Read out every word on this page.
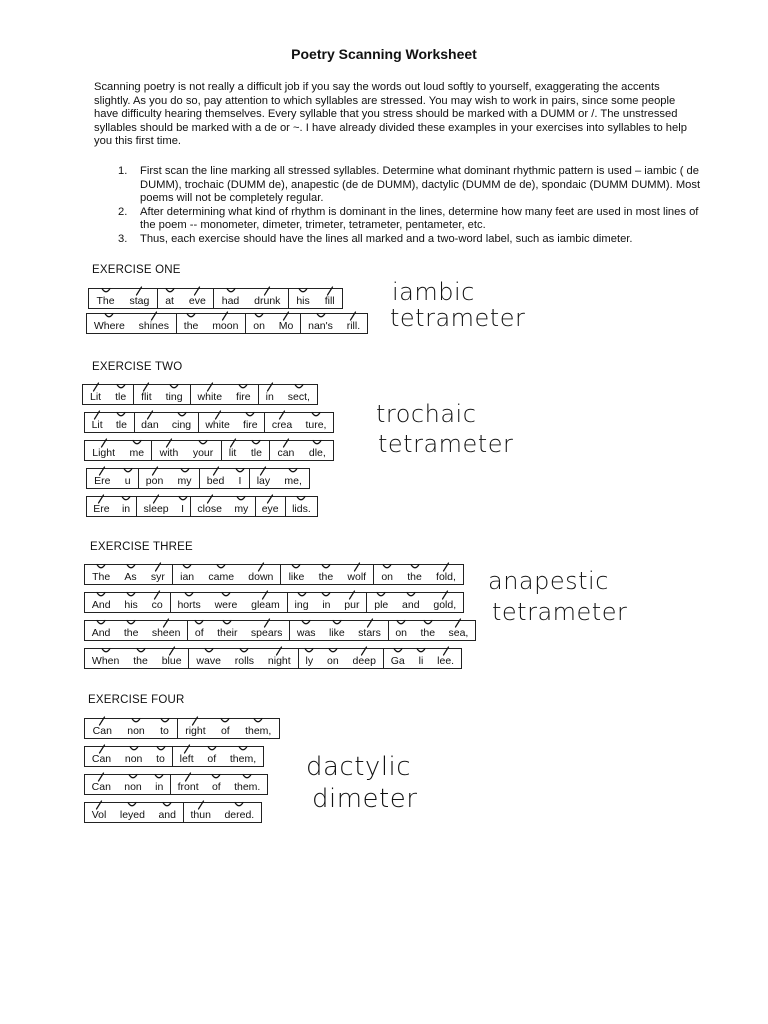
Poetry Scanning Worksheet
Scanning poetry is not really a difficult job if you say the words out loud softly to yourself, exaggerating the accents slightly. As you do so, pay attention to which syllables are stressed. You may wish to work in pairs, since some people have difficulty hearing themselves. Every syllable that you stress should be marked with a DUMM or /. The unstressed syllables should be marked with a de or ~. I have already divided these examples in your exercises into syllables to help you this first time.
1. First scan the line marking all stressed syllables. Determine what dominant rhythmic pattern is used – iambic ( de DUMM), trochaic (DUMM de), anapestic (de de DUMM), dactylic (DUMM de de), spondaic (DUMM DUMM). Most poems will not be completely regular.
2. After determining what kind of rhythm is dominant in the lines, determine how many feet are used in most lines of the poem -- monometer, dimeter, trimeter, tetrameter, pentameter, etc.
3. Thus, each exercise should have the lines all marked and a two-word label, such as iambic dimeter.
EXERCISE ONE
The stag at eve had drunk his fill
Where shines the moon on Mo nan's rill.
iambic
tetrameter
EXERCISE TWO
Lit tle flit ting white fire in sect,
Lit tle dan cing white fire crea ture,
Light me with your lit tle can dle,
Ere u pon my bed I lay me,
Ere in sleep I close my eye lids.
trochaic
tetrameter
EXERCISE THREE
The As syr ian came down like the wolf on the fold,
And his co horts were gleam ing in pur ple and gold,
And the sheen of their spears was like stars on the sea,
When the blue wave rolls night ly on deep Ga li lee.
anapestic
tetrameter
EXERCISE FOUR
Can non to right of them,
Can non to left of them,
Can non in front of them.
Vol leyed and thun dered.
dactylic
dimeter
